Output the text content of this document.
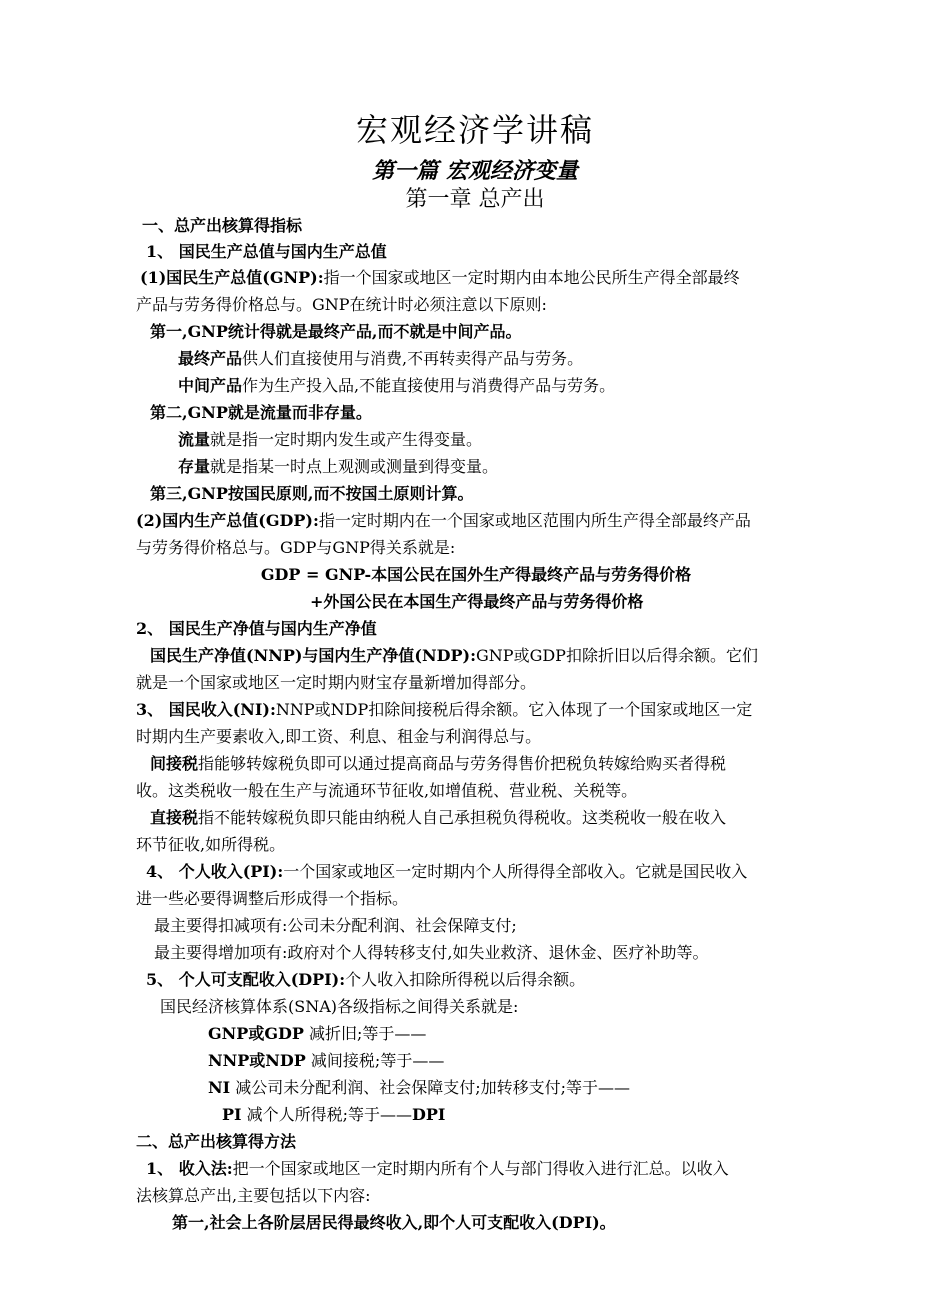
宏观经济学讲稿
第一篇 宏观经济变量
第一章 总产出
一、总产出核算得指标
1、 国民生产总值与国内生产总值
(1)国民生产总值(GNP):指一个国家或地区一定时期内由本地公民所生产得全部最终
产品与劳务得价格总与。GNP在统计时必须注意以下原则:
第一,GNP统计得就是最终产品,而不就是中间产品。
最终产品供人们直接使用与消费,不再转卖得产品与劳务。
中间产品作为生产投入品,不能直接使用与消费得产品与劳务。
第二,GNP就是流量而非存量。
流量就是指一定时期内发生或产生得变量。
存量就是指某一时点上观测或测量到得变量。
第三,GNP按国民原则,而不按国土原则计算。
(2)国内生产总值(GDP):指一定时期内在一个国家或地区范围内所生产得全部最终产品
与劳务得价格总与。GDP与GNP得关系就是:
GDP = GNP-本国公民在国外生产得最终产品与劳务得价格
+外国公民在本国生产得最终产品与劳务得价格
2、 国民生产净值与国内生产净值
国民生产净值(NNP)与国内生产净值(NDP):GNP或GDP扣除折旧以后得余额。它们
就是一个国家或地区一定时期内财宝存量新增加得部分。
3、 国民收入(NI):NNP或NDP扣除间接税后得余额。它入体现了一个国家或地区一定
时期内生产要素收入,即工资、利息、租金与利润得总与。
间接税指能够转嫁税负即可以通过提高商品与劳务得售价把税负转嫁给购买者得税
收。这类税收一般在生产与流通环节征收,如增值税、营业税、关税等。
直接税指不能转嫁税负即只能由纳税人自己承担税负得税收。这类税收一般在收入
环节征收,如所得税。
4、 个人收入(PI):一个国家或地区一定时期内个人所得得全部收入。它就是国民收入
进一些必要得调整后形成得一个指标。
最主要得扣减项有:公司未分配利润、社会保障支付;
最主要得增加项有:政府对个人得转移支付,如失业救济、退休金、医疗补助等。
5、 个人可支配收入(DPI):个人收入扣除所得税以后得余额。
国民经济核算体系(SNA)各级指标之间得关系就是:
GNP或GDP 减折旧;等于——
NNP或NDP 减间接税;等于——
NI 减公司未分配利润、社会保障支付;加转移支付;等于——
PI 减个人所得税;等于——DPI
二、总产出核算得方法
1、 收入法:把一个国家或地区一定时期内所有个人与部门得收入进行汇总。以收入
法核算总产出,主要包括以下内容:
第一,社会上各阶层居民得最终收入,即个人可支配收入(DPI)。
